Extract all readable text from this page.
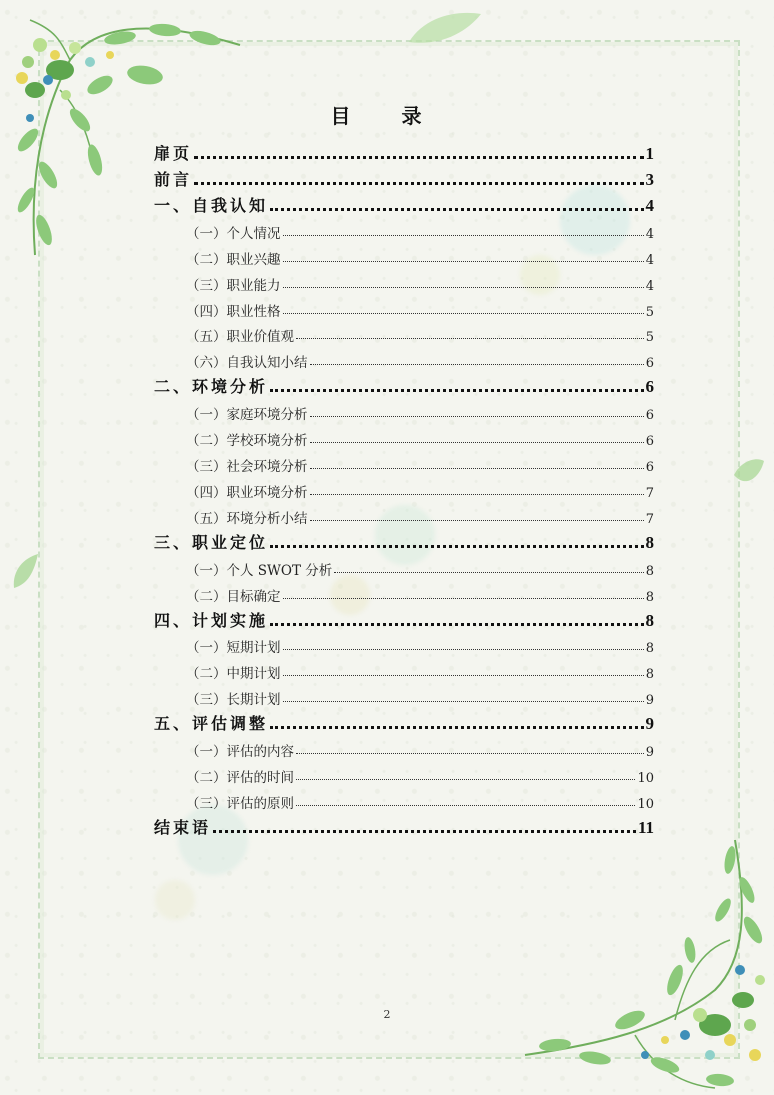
目 录
扉页	1
前言	3
一、自我认知	4
（一）个人情况	4
（二）职业兴趣	4
（三）职业能力	4
（四）职业性格	5
（五）职业价值观	5
（六）自我认知小结	6
二、环境分析	6
（一）家庭环境分析	6
（二）学校环境分析	6
（三）社会环境分析	6
（四）职业环境分析	7
（五）环境分析小结	7
三、职业定位	8
（一）个人 SWOT 分析	8
（二）目标确定	8
四、计划实施	8
（一）短期计划	8
（二）中期计划	8
（三）长期计划	9
五、评估调整	9
（一）评估的内容	9
（二）评估的时间	10
（三）评估的原则	10
结束语	11
2
